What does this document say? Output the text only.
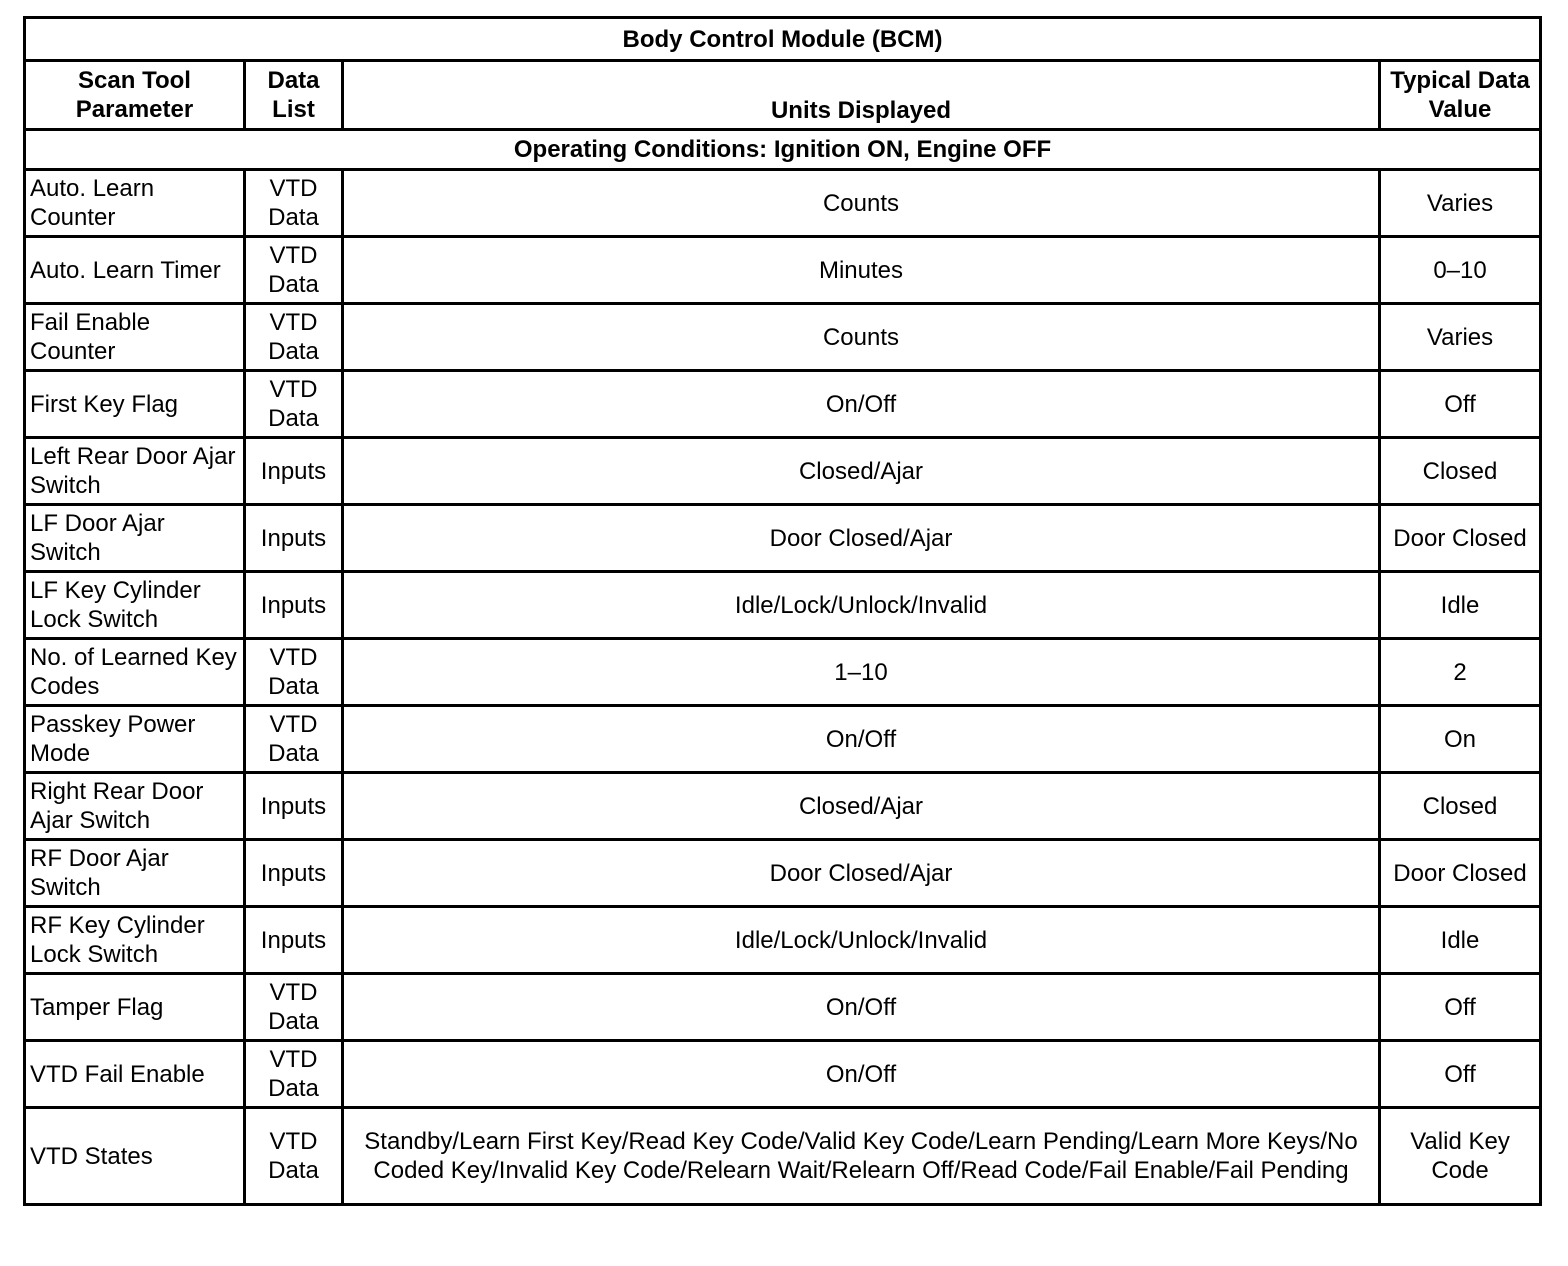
Body Control Module (BCM)			
Scan Tool Parameter	Data List	Units Displayed	Typical Data Value
Operating Conditions: Ignition ON, Engine OFF			
Auto. Learn Counter	VTD Data	Counts	Varies
Auto. Learn Timer	VTD Data	Minutes	0–10
Fail Enable Counter	VTD Data	Counts	Varies
First Key Flag	VTD Data	On/Off	Off
Left Rear Door Ajar Switch	Inputs	Closed/Ajar	Closed
LF Door Ajar Switch	Inputs	Door Closed/Ajar	Door Closed
LF Key Cylinder Lock Switch	Inputs	Idle/Lock/Unlock/Invalid	Idle
No. of Learned Key Codes	VTD Data	1–10	2
Passkey Power Mode	VTD Data	On/Off	On
Right Rear Door Ajar Switch	Inputs	Closed/Ajar	Closed
RF Door Ajar Switch	Inputs	Door Closed/Ajar	Door Closed
RF Key Cylinder Lock Switch	Inputs	Idle/Lock/Unlock/Invalid	Idle
Tamper Flag	VTD Data	On/Off	Off
VTD Fail Enable	VTD Data	On/Off	Off
VTD States	VTD Data	Standby/Learn First Key/Read Key Code/Valid Key Code/Learn Pending/Learn More Keys/No Coded Key/Invalid Key Code/Relearn Wait/Relearn Off/Read Code/Fail Enable/Fail Pending	Valid Key Code
